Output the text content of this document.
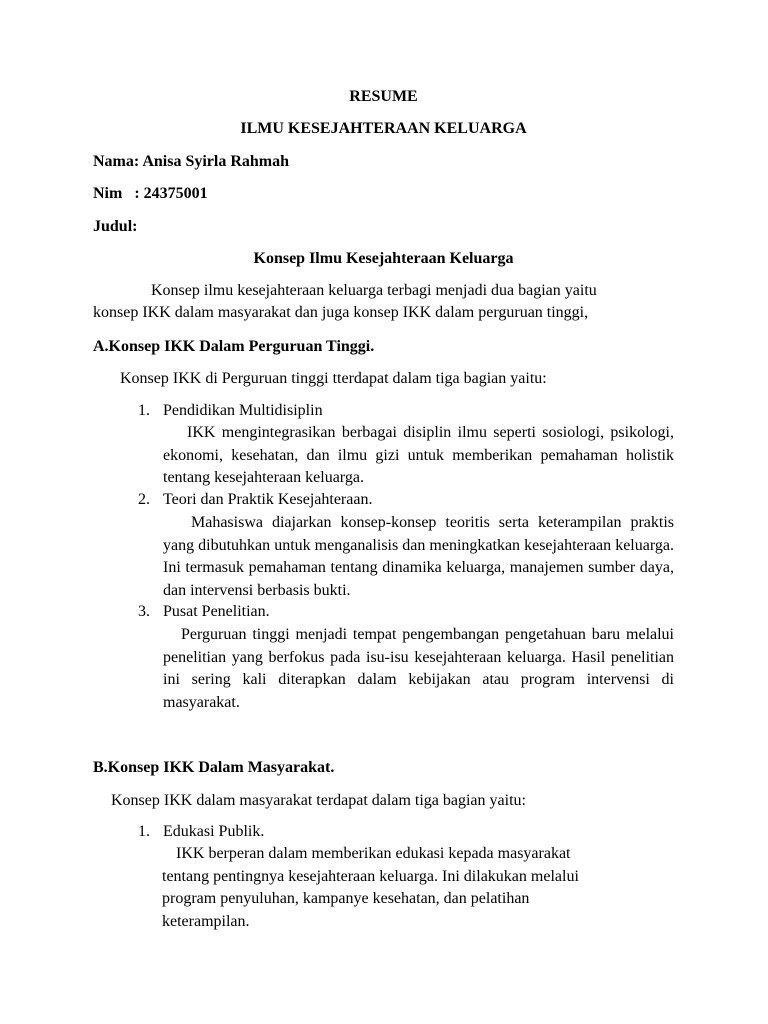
RESUME
ILMU KESEJAHTERAAN KELUARGA
Nama: Anisa Syirla Rahmah
Nim : 24375001
Judul:
Konsep Ilmu Kesejahteraan Keluarga
Konsep ilmu kesejahteraan keluarga terbagi menjadi dua bagian yaitu
konsep IKK dalam masyarakat dan juga konsep IKK dalam perguruan tinggi,
A.Konsep IKK Dalam Perguruan Tinggi.
Konsep IKK di Perguruan tinggi tterdapat dalam tiga bagian yaitu:
1. Pendidikan Multidisiplin
IKK mengintegrasikan berbagai disiplin ilmu seperti sosiologi, psikologi, ekonomi, kesehatan, dan ilmu gizi untuk memberikan pemahaman holistik tentang kesejahteraan keluarga.
2. Teori dan Praktik Kesejahteraan.
Mahasiswa diajarkan konsep-konsep teoritis serta keterampilan praktis yang dibutuhkan untuk menganalisis dan meningkatkan kesejahteraan keluarga. Ini termasuk pemahaman tentang dinamika keluarga, manajemen sumber daya, dan intervensi berbasis bukti.
3. Pusat Penelitian.
Perguruan tinggi menjadi tempat pengembangan pengetahuan baru melalui penelitian yang berfokus pada isu-isu kesejahteraan keluarga. Hasil penelitian ini sering kali diterapkan dalam kebijakan atau program intervensi di masyarakat.
B.Konsep IKK Dalam Masyarakat.
Konsep IKK dalam masyarakat terdapat dalam tiga bagian yaitu:
1. Edukasi Publik.
IKK berperan dalam memberikan edukasi kepada masyarakat
tentang pentingnya kesejahteraan keluarga. Ini dilakukan melalui
program penyuluhan, kampanye kesehatan, dan pelatihan
keterampilan.
